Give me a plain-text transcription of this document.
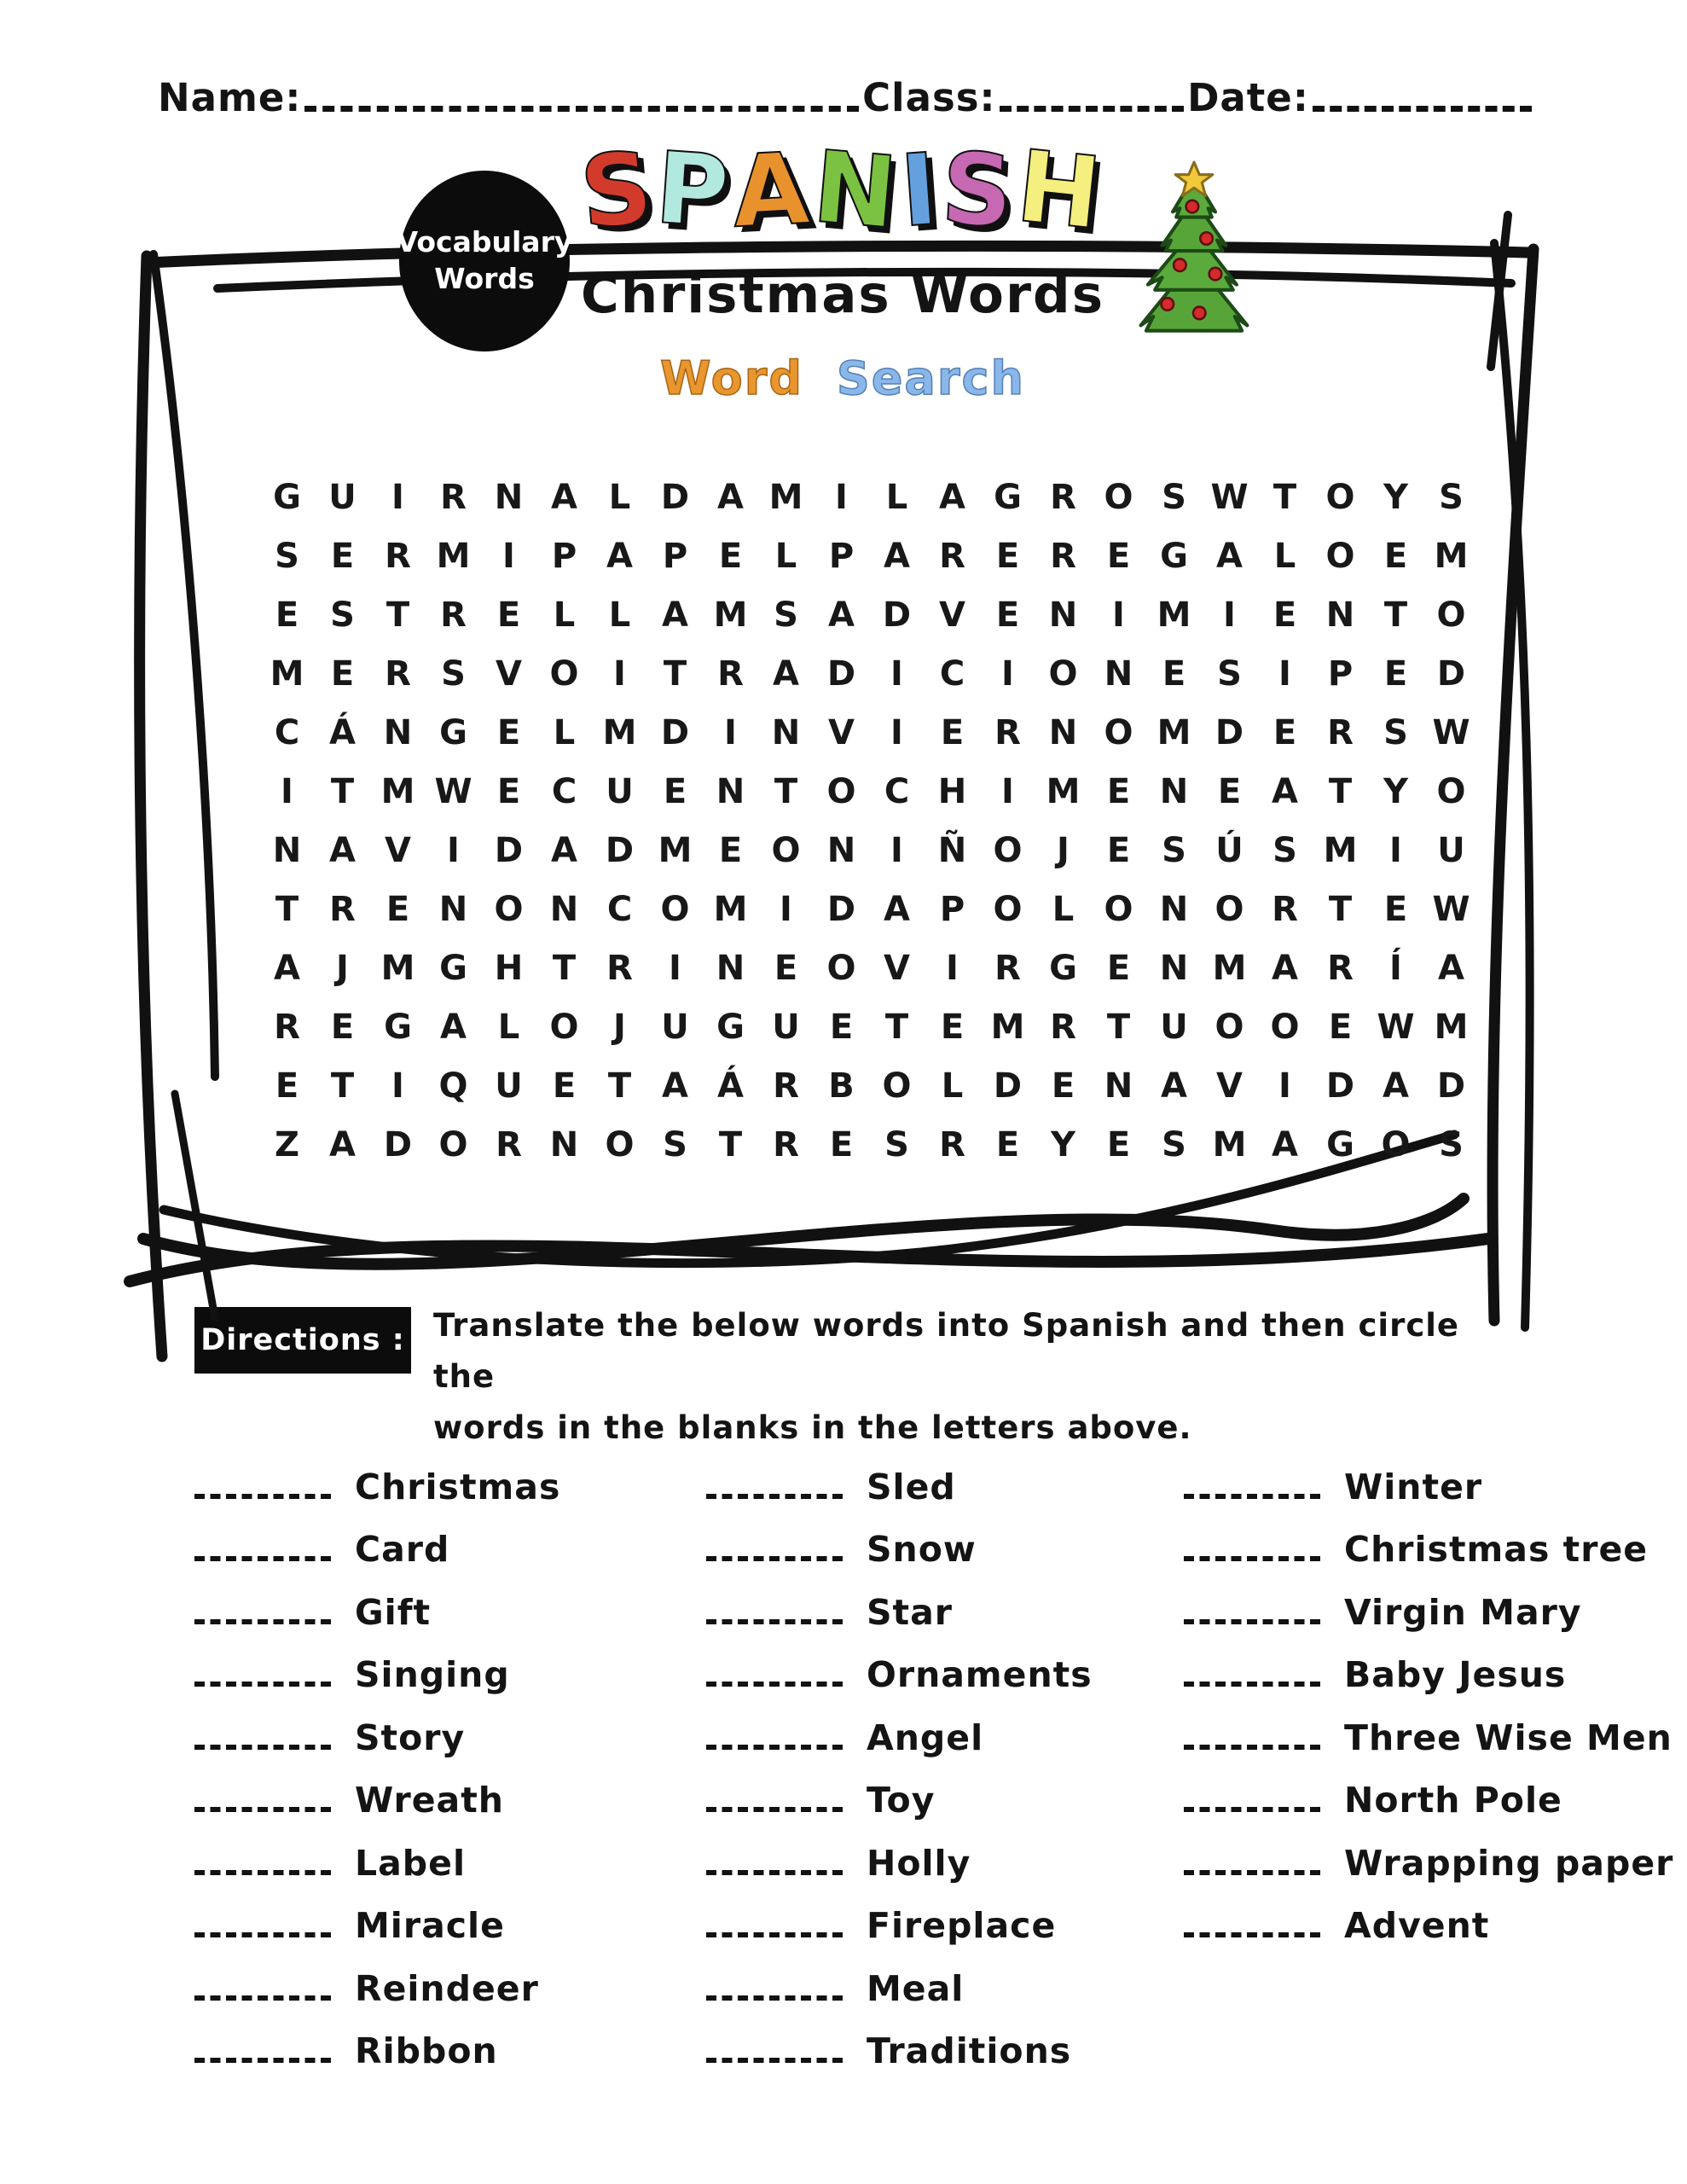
Name:	Class:	Date:
Vocabulary
Words
SPANISH
Christmas Words
Word Search
G U	I	R N A L D A M I	L A G R O S W T O Y S
S E R M I	P A P E L P A R E R E G A L O E M
E S T R E L L A M S A D V E N	I M I	E N T O
M E R S V O	I	T R A D	I	C	I	O N E S	I	P E D
C Á N G E L M D	I	N V	I	E R N O M D E R S W
I	T M W E C U E N T O C H	I M E N E A T Y O
N A V	I	D A D M E O N	I	Ñ O	J	E S Ú S M I	U
T R E N O N C O M I	D A P O L O N O R T E W
A	J M G H T R	I	N E O V	I	R G E N M A R	Í	A
R E G A L O	J	U G U E T E M R T U O O E W M
E T	I	Q U E T A Á R B O L D E N A V	I	D A D
Z A D O R N O S T R E S R E Y E S M A G O S
Directions : Translate the below words into Spanish and then circle the
words in the blanks in the letters above.
Christmas
Card
Gift
Singing
Story
Wreath
Label
Miracle
Reindeer
Ribbon
Sled
Snow
Star
Ornaments
Angel
Toy
Holly
Fireplace
Meal
Traditions
Winter
Christmas tree
Virgin Mary
Baby Jesus
Three Wise Men
North Pole
Wrapping paper
Advent
